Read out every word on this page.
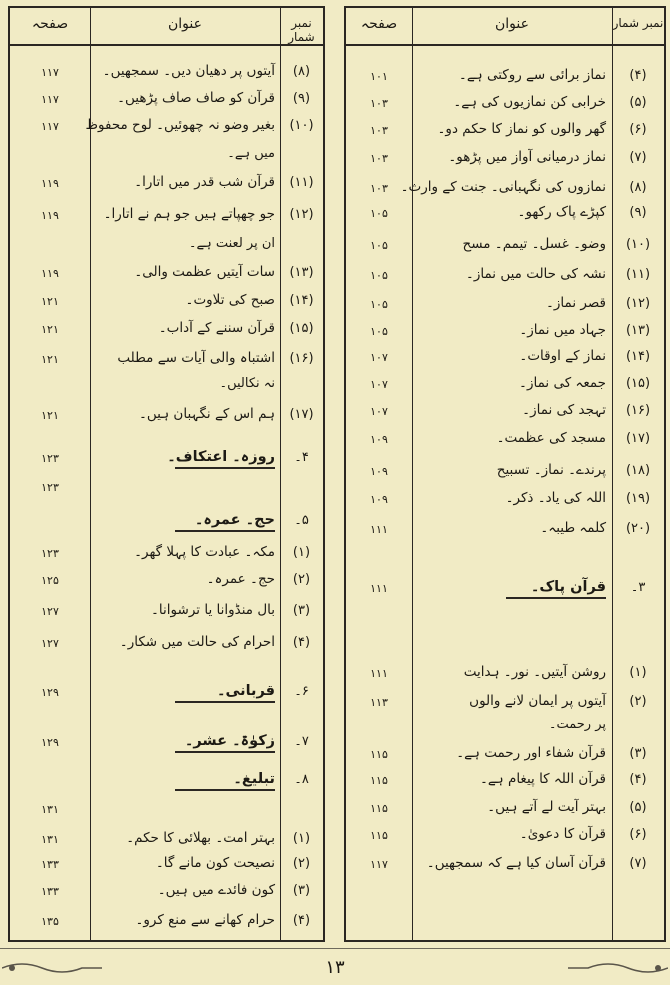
صفحہ	عنوان	نمبر شمار
۱۰۱	نماز برائی سے روکتی ہے۔	(۴)
۱۰۳	خرابی کن نمازیوں کی ہے۔	(۵)
۱۰۳	گھر والوں کو نماز کا حکم دو۔	(۶)
۱۰۳	نماز درمیانی آواز میں پڑھو۔	(۷)
۱۰۳ نمازوں کی نگہبانی۔ جنت کے وارث۔	(۸)
۱۰۵	کپڑے پاک رکھو۔	(۹)
۱۰۵	وضو۔ غسل۔ تیمم۔ مسح	(۱۰)
۱۰۵	نشہ کی حالت میں نماز۔	(۱۱)
۱۰۵	قصر نماز۔	(۱۲)
۱۰۵	جہاد میں نماز۔	(۱۳)
۱۰۷	نماز کے اوقات۔	(۱۴)
۱۰۷	جمعہ کی نماز۔	(۱۵)
۱۰۷	تہجد کی نماز۔	(۱۶)
۱۰۹	مسجد کی عظمت۔	(۱۷)
۱۰۹	پرندے۔ نماز۔ تسبیح	(۱۸)
۱۰۹	اللہ کی یاد۔ ذکر۔	(۱۹)
۱۱۱	کلمہ طیبہ۔	(۲۰)
۱۱۱	قرآن پاک۔	۳۔
۱۱۱	روشن آیتیں۔ نور۔ ہدایت	(۱)
۱۱۳	آیتوں پر ایمان لانے والوں	(۲)
پر رحمت۔
۱۱۵	قرآن شفاء اور رحمت ہے۔	(۳)
۱۱۵	قرآن اللہ کا پیغام ہے۔	(۴)
۱۱۵	بہتر آیت لے آتے ہیں۔	(۵)
۱۱۵	قرآن کا دعویٰ۔	(۶)
۱۱۷	قرآن آسان کیا ہے کہ سمجھیں۔	(۷)
صفحہ	عنوان	نمبر شمار
۱۱۷	آیتوں پر دھیان دیں۔ سمجھیں۔	(۸)
۱۱۷	قرآن کو صاف صاف پڑھیں۔	(۹)
۱۱۷	بغیر وضو نہ چھوئیں۔ لوح محفوظ	(۱۰)
میں ہے۔
۱۱۹	قرآن شب قدر میں اتارا۔	(۱۱)
۱۱۹	جو چھپاتے ہیں جو ہم نے اتارا۔	(۱۲)
ان پر لعنت ہے۔
۱۱۹	سات آیتیں عظمت والی۔	(۱۳)
۱۲۱	صبح کی تلاوت۔	(۱۴)
۱۲۱	قرآن سننے کے آداب۔	(۱۵)
۱۲۱	اشتباہ والی آیات سے مطلب	(۱۶)
نہ نکالیں۔
۱۲۱	ہم اس کے نگہبان ہیں۔	(۱۷)
۱۲۳	روزہ۔ اعتکاف۔	۴۔
۱۲۳
حج۔ عمرہ۔	۵۔
۱۲۳	مکہ۔ عبادت کا پہلا گھر۔	(۱)
۱۲۵	حج۔ عمرہ۔	(۲)
۱۲۷	بال منڈوانا یا ترشوانا۔	(۳)
۱۲۷	احرام کی حالت میں شکار۔	(۴)
۱۲۹	قربانی۔	۶۔
۱۲۹	زکوٰۃ۔ عشر۔	۷۔
تبلیغ۔	۸۔
۱۳۱
۱۳۱	بہتر امت۔ بھلائی کا حکم۔	(۱)
۱۳۳	نصیحت کون مانے گا۔	(۲)
۱۳۳	کون فائدے میں ہیں۔	(۳)
۱۳۵	حرام کھانے سے منع کرو۔	(۴)
۱۳
